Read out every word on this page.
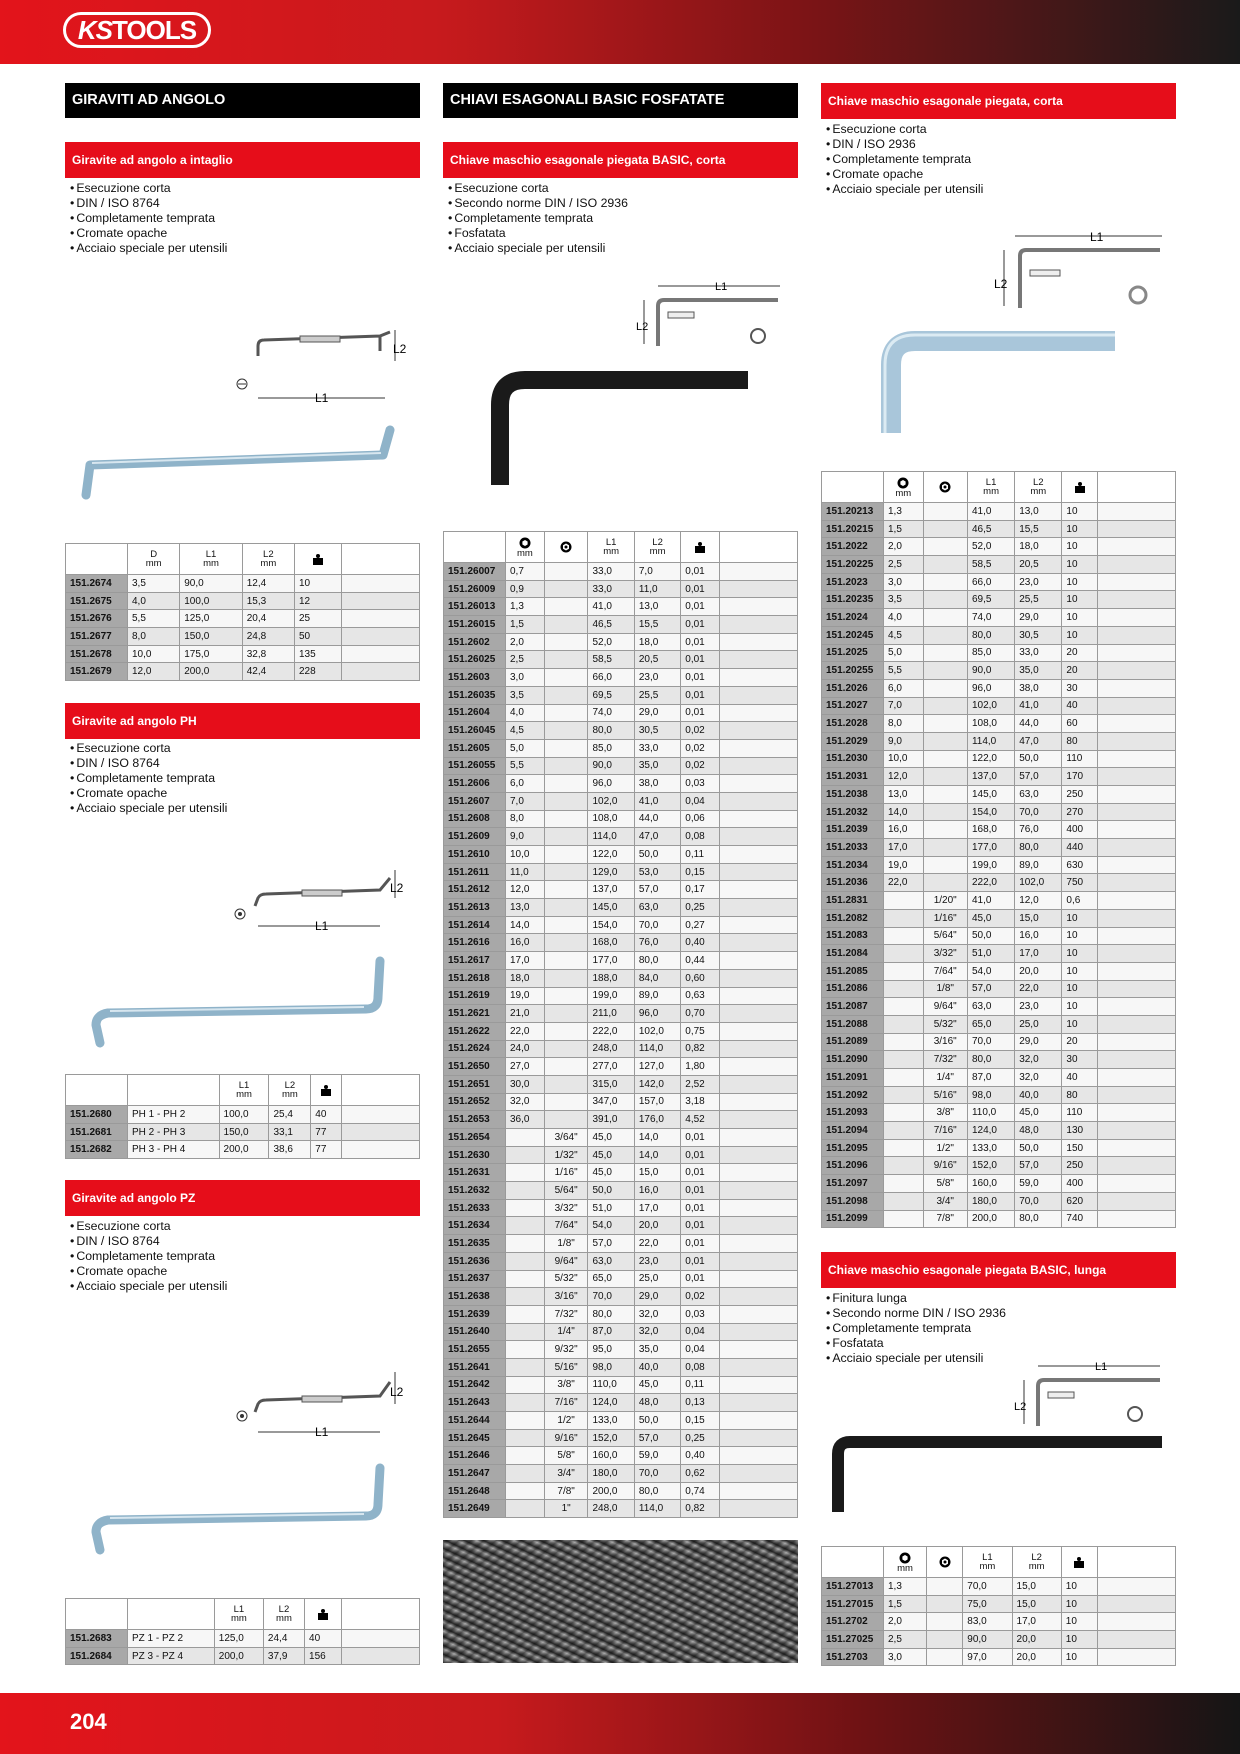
KSTOOLS
GIRAVITI AD ANGOLO
Giravite ad angolo a intaglio
• Esecuzione corta
• DIN / ISO 8764
• Completamente temprata
• Cromate opache
• Acciaio speciale per utensili
L1
L2
	D
mm	L1
mm	L2
mm		
151.2674	3,5	90,0	12,4	10	
151.2675	4,0	100,0	15,3	12	
151.2676	5,5	125,0	20,4	25	
151.2677	8,0	150,0	24,8	50	
151.2678	10,0	175,0	32,8	135	
151.2679	12,0	200,0	42,4	228	
Giravite ad angolo PH
• Esecuzione corta
• DIN / ISO 8764
• Completamente temprata
• Cromate opache
• Acciaio speciale per utensili
L1
L2
		L1
mm	L2
mm		
151.2680	PH 1 - PH 2	100,0	25,4	40	
151.2681	PH 2 - PH 3	150,0	33,1	77	
151.2682	PH 3 - PH 4	200,0	38,6	77	
Giravite ad angolo PZ
• Esecuzione corta
• DIN / ISO 8764
• Completamente temprata
• Cromate opache
• Acciaio speciale per utensili
L1
L2
		L1
mm	L2
mm		
151.2683	PZ 1 - PZ 2	125,0	24,4	40	
151.2684	PZ 3 - PZ 4	200,0	37,9	156	
CHIAVI ESAGONALI BASIC FOSFATATE
Chiave maschio esagonale piegata BASIC, corta
• Esecuzione corta
• Secondo norme DIN / ISO 2936
• Completamente temprata
• Fosfatata
• Acciaio speciale per utensili
L1
L2

mm		L1
mm	L2
mm		
151.26007	0,7		33,0	7,0	0,01	
151.26009	0,9		33,0	11,0	0,01	
151.26013	1,3		41,0	13,0	0,01	
151.26015	1,5		46,5	15,5	0,01	
151.2602	2,0		52,0	18,0	0,01	
151.26025	2,5		58,5	20,5	0,01	
151.2603	3,0		66,0	23,0	0,01	
151.26035	3,5		69,5	25,5	0,01	
151.2604	4,0		74,0	29,0	0,01	
151.26045	4,5		80,0	30,5	0,02	
151.2605	5,0		85,0	33,0	0,02	
151.26055	5,5		90,0	35,0	0,02	
151.2606	6,0		96,0	38,0	0,03	
151.2607	7,0		102,0	41,0	0,04	
151.2608	8,0		108,0	44,0	0,06	
151.2609	9,0		114,0	47,0	0,08	
151.2610	10,0		122,0	50,0	0,11	
151.2611	11,0		129,0	53,0	0,15	
151.2612	12,0		137,0	57,0	0,17	
151.2613	13,0		145,0	63,0	0,25	
151.2614	14,0		154,0	70,0	0,27	
151.2616	16,0		168,0	76,0	0,40	
151.2617	17,0		177,0	80,0	0,44	
151.2618	18,0		188,0	84,0	0,60	
151.2619	19,0		199,0	89,0	0,63	
151.2621	21,0		211,0	96,0	0,70	
151.2622	22,0		222,0	102,0	0,75	
151.2624	24,0		248,0	114,0	0,82	
151.2650	27,0		277,0	127,0	1,80	
151.2651	30,0		315,0	142,0	2,52	
151.2652	32,0		347,0	157,0	3,18	
151.2653	36,0		391,0	176,0	4,52	
151.2654		3/64"	45,0	14,0	0,01	
151.2630		1/32"	45,0	14,0	0,01	
151.2631		1/16"	45,0	15,0	0,01	
151.2632		5/64"	50,0	16,0	0,01	
151.2633		3/32"	51,0	17,0	0,01	
151.2634		7/64"	54,0	20,0	0,01	
151.2635		1/8"	57,0	22,0	0,01	
151.2636		9/64"	63,0	23,0	0,01	
151.2637		5/32"	65,0	25,0	0,01	
151.2638		3/16"	70,0	29,0	0,02	
151.2639		7/32"	80,0	32,0	0,03	
151.2640		1/4"	87,0	32,0	0,04	
151.2655		9/32"	95,0	35,0	0,04	
151.2641		5/16"	98,0	40,0	0,08	
151.2642		3/8"	110,0	45,0	0,11	
151.2643		7/16"	124,0	48,0	0,13	
151.2644		1/2"	133,0	50,0	0,15	
151.2645		9/16"	152,0	57,0	0,25	
151.2646		5/8"	160,0	59,0	0,40	
151.2647		3/4"	180,0	70,0	0,62	
151.2648		7/8"	200,0	80,0	0,74	
151.2649		1"	248,0	114,0	0,82	
Chiave maschio esagonale piegata, corta
• Esecuzione corta
• DIN / ISO 2936
• Completamente temprata
• Cromate opache
• Acciaio speciale per utensili
L1
L2

mm		L1
mm	L2
mm		
151.20213	1,3		41,0	13,0	10	
151.20215	1,5		46,5	15,5	10	
151.2022	2,0		52,0	18,0	10	
151.20225	2,5		58,5	20,5	10	
151.2023	3,0		66,0	23,0	10	
151.20235	3,5		69,5	25,5	10	
151.2024	4,0		74,0	29,0	10	
151.20245	4,5		80,0	30,5	10	
151.2025	5,0		85,0	33,0	20	
151.20255	5,5		90,0	35,0	20	
151.2026	6,0		96,0	38,0	30	
151.2027	7,0		102,0	41,0	40	
151.2028	8,0		108,0	44,0	60	
151.2029	9,0		114,0	47,0	80	
151.2030	10,0		122,0	50,0	110	
151.2031	12,0		137,0	57,0	170	
151.2038	13,0		145,0	63,0	250	
151.2032	14,0		154,0	70,0	270	
151.2039	16,0		168,0	76,0	400	
151.2033	17,0		177,0	80,0	440	
151.2034	19,0		199,0	89,0	630	
151.2036	22,0		222,0	102,0	750	
151.2831		1/20"	41,0	12,0	0,6	
151.2082		1/16"	45,0	15,0	10	
151.2083		5/64"	50,0	16,0	10	
151.2084		3/32"	51,0	17,0	10	
151.2085		7/64"	54,0	20,0	10	
151.2086		1/8"	57,0	22,0	10	
151.2087		9/64"	63,0	23,0	10	
151.2088		5/32"	65,0	25,0	10	
151.2089		3/16"	70,0	29,0	20	
151.2090		7/32"	80,0	32,0	30	
151.2091		1/4"	87,0	32,0	40	
151.2092		5/16"	98,0	40,0	80	
151.2093		3/8"	110,0	45,0	110	
151.2094		7/16"	124,0	48,0	130	
151.2095		1/2"	133,0	50,0	150	
151.2096		9/16"	152,0	57,0	250	
151.2097		5/8"	160,0	59,0	400	
151.2098		3/4"	180,0	70,0	620	
151.2099		7/8"	200,0	80,0	740	
Chiave maschio esagonale piegata BASIC, lunga
• Finitura lunga
• Secondo norme DIN / ISO 2936
• Completamente temprata
• Fosfatata
• Acciaio speciale per utensili
L1
L2

mm		L1
mm	L2
mm		
151.27013	1,3		70,0	15,0	10	
151.27015	1,5		75,0	15,0	10	
151.2702	2,0		83,0	17,0	10	
151.27025	2,5		90,0	20,0	10	
151.2703	3,0		97,0	20,0	10	
204
